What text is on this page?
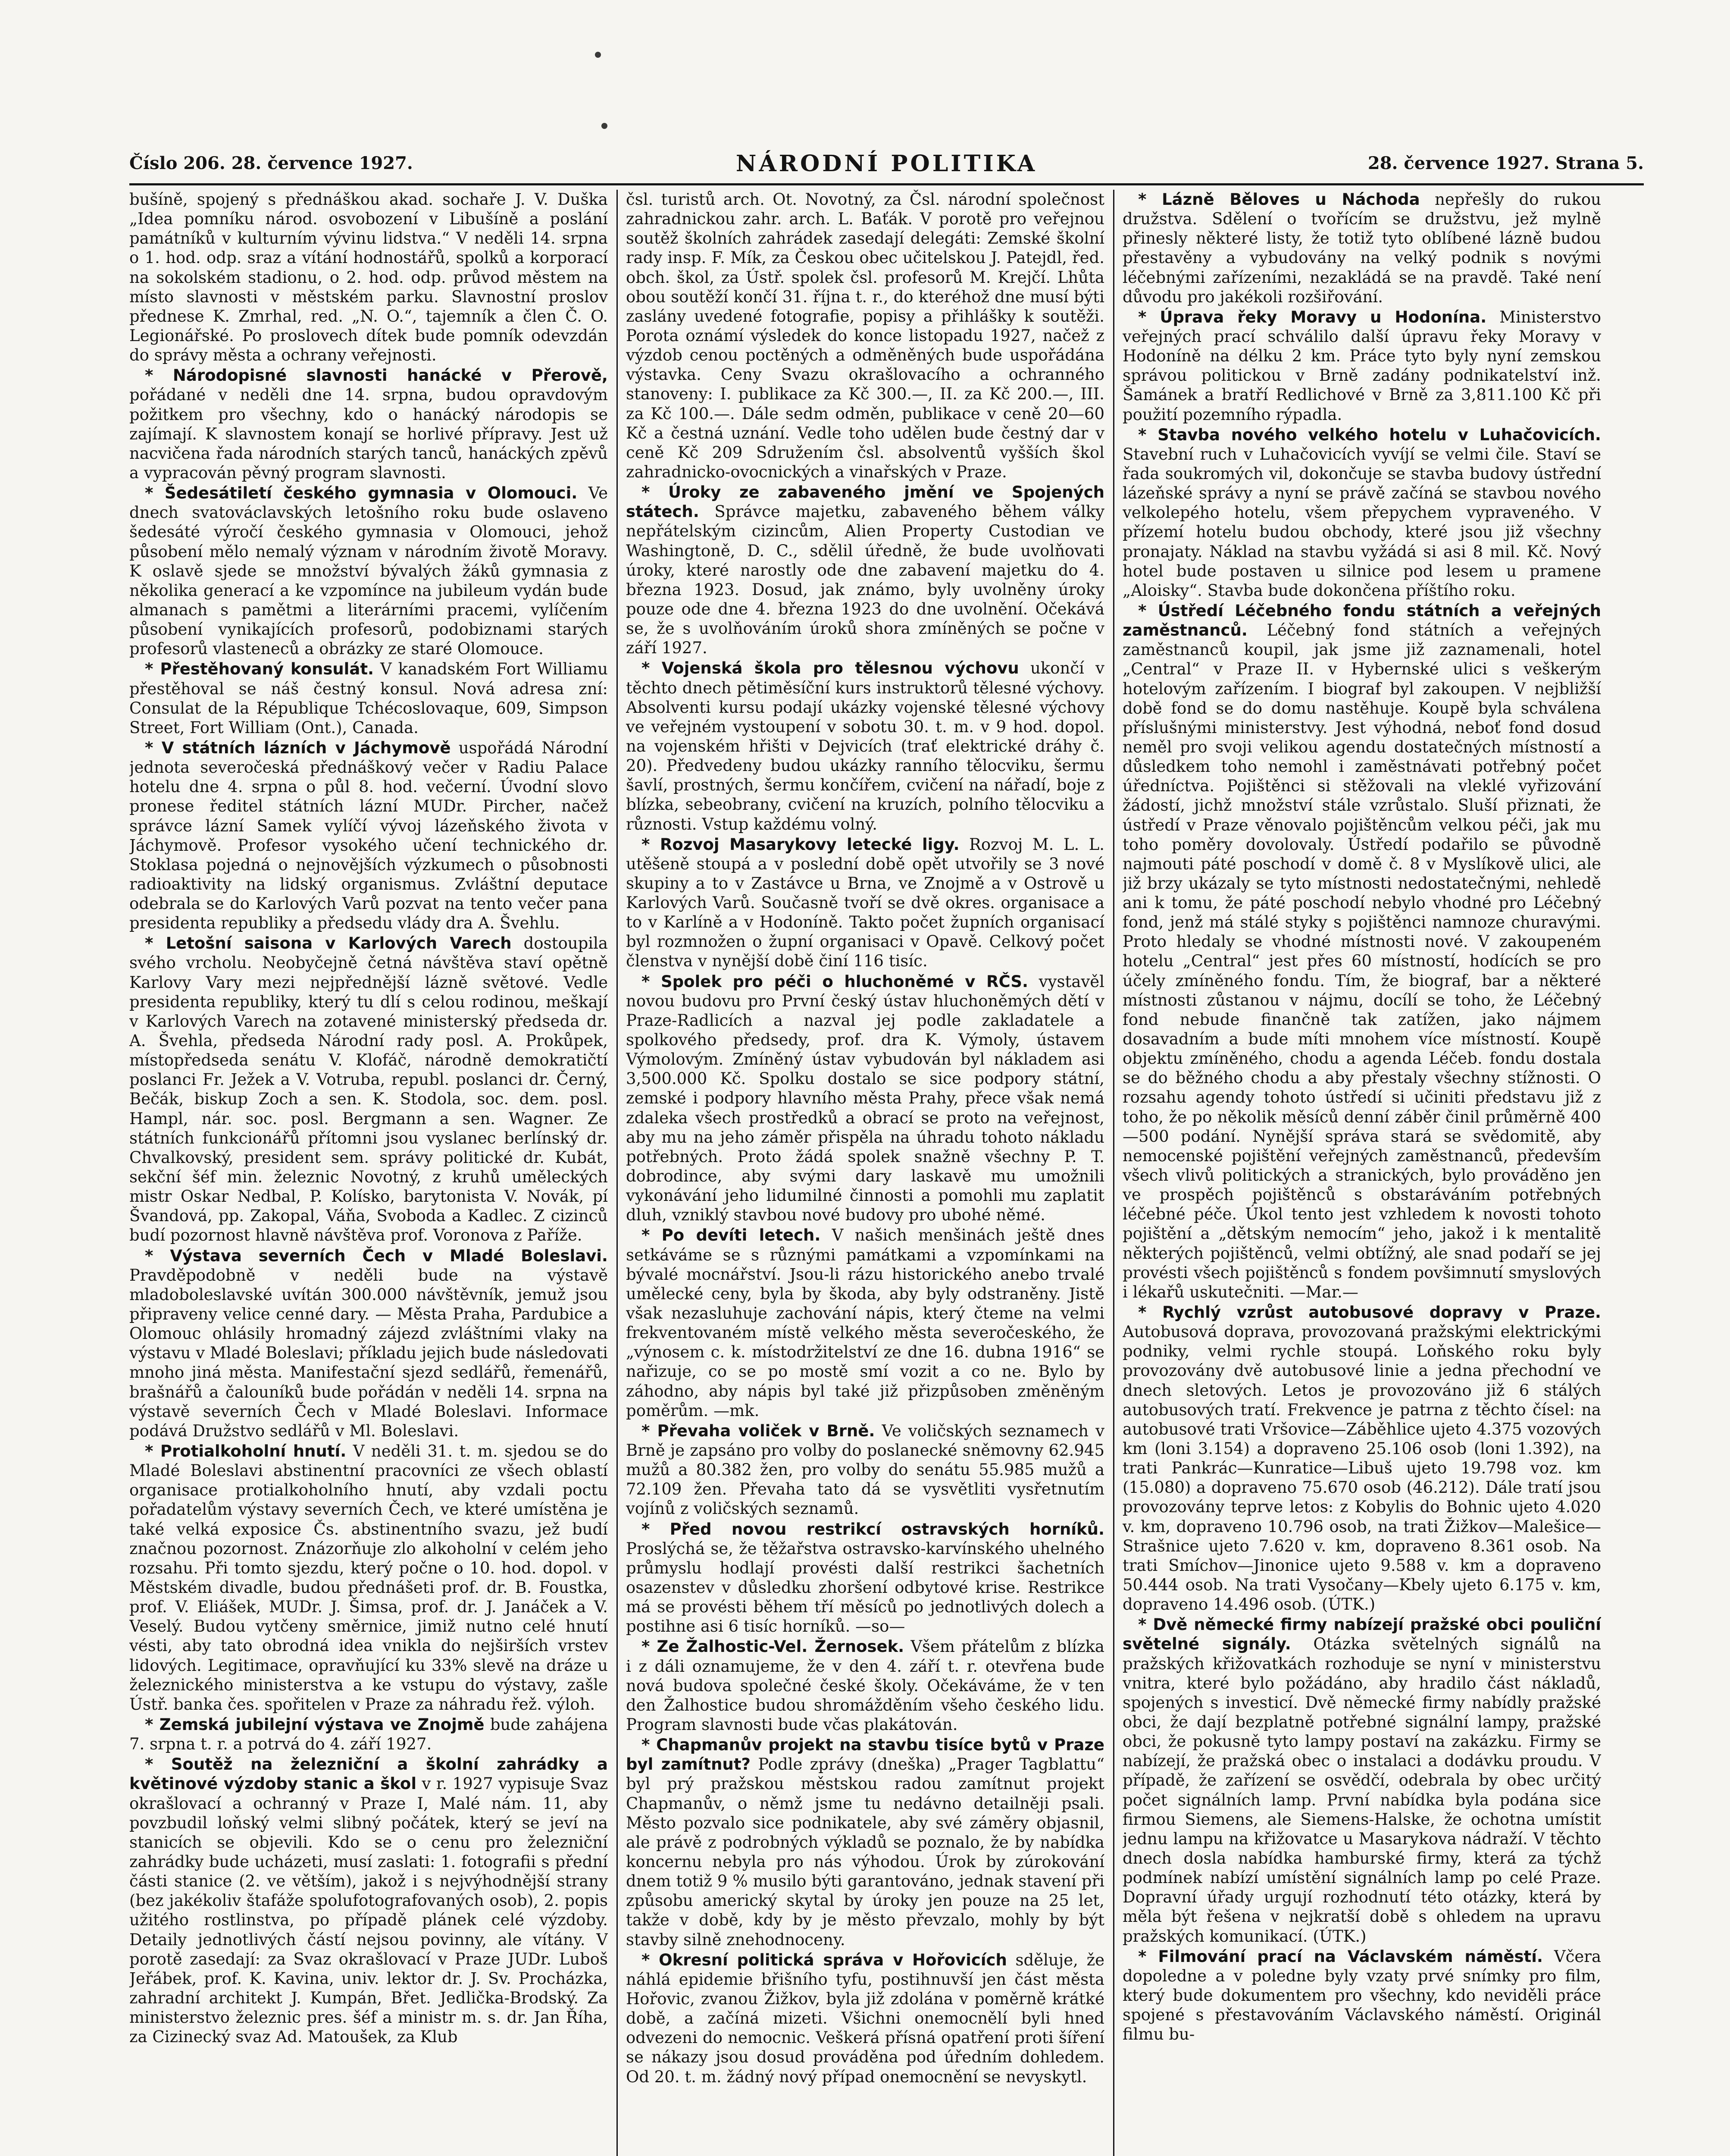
Číslo 206. 28. července 1927.	NÁRODNÍ POLITIKA	28. července 1927. Strana 5.

bušíně, spojený s přednáškou akad. sochaře J. V. Duška „Idea pomníku národ. osvobození v Libušíně a poslání památníků v kulturním vývinu lidstva.“ V neděli 14. srpna o 1. hod. odp. sraz a vítání hodnostářů, spolků a korporací na sokolském stadionu, o 2. hod. odp. průvod městem na místo slavnosti v městském parku. Slavnostní proslov přednese K. Zmrhal, red. „N. O.“, tajemník a člen Č. O. Legionářské. Po proslovech dítek bude pomník odevzdán do správy města a ochrany veřejnosti.

* Národopisné slavnosti hanácké v Přerově, pořádané v neděli dne 14. srpna, budou opravdovým požitkem pro všechny, kdo o hanácký národopis se zajímají. K slavnostem konají se horlivé přípravy. Jest už nacvičena řada národních starých tanců, hanáckých zpěvů a vypracován pěvný program slavnosti.

* Šedesátiletí českého gymnasia v Olomouci. Ve dnech svatováclavských letošního roku bude oslaveno šedesáté výročí českého gymnasia v Olomouci, jehož působení mělo nemalý význam v národním životě Moravy. K oslavě sjede se množství bývalých žáků gymnasia z několika generací a ke vzpomínce na jubileum vydán bude almanach s pamětmi a literárními pracemi, vylíčením působení vynikajících profesorů, podobiznami starých profesorů vlasteneců a obrázky ze staré Olomouce.

* Přestěhovaný konsulát. V kanadském Fort Williamu přestěhoval se náš čestný konsul. Nová adresa zní: Consulat de la République Tchécoslovaque, 609, Simpson Street, Fort William (Ont.), Canada.

* V státních lázních v Jáchymově uspořádá Národní jednota severočeská přednáškový večer v Radiu Palace hotelu dne 4. srpna o půl 8. hod. večerní. Úvodní slovo pronese ředitel státních lázní MUDr. Pircher, načež správce lázní Samek vylíčí vývoj lázeňského života v Jáchymově. Profesor vysokého učení technického dr. Stoklasa pojedná o nejnovějších výzkumech o působnosti radioaktivity na lidský organismus. Zvláštní deputace odebrala se do Karlových Varů pozvat na tento večer pana presidenta republiky a předsedu vlády dra A. Švehlu.

* Letošní saisona v Karlových Varech dostoupila svého vrcholu. Neobyčejně četná návštěva staví opětně Karlovy Vary mezi nejpřednější lázně světové. Vedle presidenta republiky, který tu dlí s celou rodinou, meškají v Karlových Varech na zotavené ministerský předseda dr. A. Švehla, předseda Národní rady posl. A. Prokůpek, místopředseda senátu V. Klofáč, národně demokratičtí poslanci Fr. Ježek a V. Votruba, republ. poslanci dr. Černý, Bečák, biskup Zoch a sen. K. Stodola, soc. dem. posl. Hampl, nár. soc. posl. Bergmann a sen. Wagner. Ze státních funkcionářů přítomni jsou vyslanec berlínský dr. Chvalkovský, president sem. správy politické dr. Kubát, sekční šéf min. železnic Novotný, z kruhů uměleckých mistr Oskar Nedbal, P. Kolísko, barytonista V. Novák, pí Švandová, pp. Zakopal, Váňa, Svoboda a Kadlec. Z cizinců budí pozornost hlavně návštěva prof. Voronova z Paříže.

* Výstava severních Čech v Mladé Boleslavi. Pravděpodobně v neděli bude na výstavě mladoboleslavské uvítán 300.000 návštěvník, jemuž jsou připraveny velice cenné dary. — Města Praha, Pardubice a Olomouc ohlásily hromadný zájezd zvláštními vlaky na výstavu v Mladé Boleslavi; příkladu jejich bude následovati mnoho jiná města. Manifestační sjezd sedlářů, řemenářů, brašnářů a čalouníků bude pořádán v neděli 14. srpna na výstavě severních Čech v Mladé Boleslavi. Informace podává Družstvo sedlářů v Ml. Boleslavi.

* Protialkoholní hnutí. V neděli 31. t. m. sjedou se do Mladé Boleslavi abstinentní pracovníci ze všech oblastí organisace protialkoholního hnutí, aby vzdali poctu pořadatelům výstavy severních Čech, ve které umístěna je také velká exposice Čs. abstinentního svazu, jež budí značnou pozornost. Znázorňuje zlo alkoholní v celém jeho rozsahu. Při tomto sjezdu, který počne o 10. hod. dopol. v Městském divadle, budou přednášeti prof. dr. B. Foustka, prof. V. Eliášek, MUDr. J. Šimsa, prof. dr. J. Janáček a V. Veselý. Budou vytčeny směrnice, jimiž nutno celé hnutí vésti, aby tato obrodná idea vnikla do nejširších vrstev lidových. Legitimace, opravňující ku 33% slevě na dráze u železnického ministerstva a ke vstupu do výstavy, zašle Ústř. banka čes. spořitelen v Praze za náhradu řež. výloh.

* Zemská jubilejní výstava ve Znojmě bude zahájena 7. srpna t. r. a potrvá do 4. září 1927.

* Soutěž na železniční a školní zahrádky a květinové výzdoby stanic a škol v r. 1927 vypisuje Svaz okrašlovací a ochranný v Praze I, Malé nám. 11, aby povzbudil loňský velmi slibný počátek, který se jeví na stanicích se objevili. Kdo se o cenu pro železniční zahrádky bude ucházeti, musí zaslati: 1. fotografii s přední části stanice (2. ve větším), jakož i s nejvýhodnější strany (bez jakékoliv štafáže spolufotografovaných osob), 2. popis užitého rostlinstva, po případě plánek celé výzdoby. Detaily jednotlivých částí nejsou povinny, ale vítány. V porotě zasedají: za Svaz okrašlovací v Praze JUDr. Luboš Jeřábek, prof. K. Kavina, univ. lektor dr. J. Sv. Procházka, zahradní architekt J. Kumpán, Břet. Jedlička-Brodský. Za ministerstvo železnic pres. šéf a ministr m. s. dr. Jan Říha, za Cizinecký svaz Ad. Matoušek, za Klub

čsl. turistů arch. Ot. Novotný, za Čsl. národní společnost zahradnickou zahr. arch. L. Baťák. V porotě pro veřejnou soutěž školních zahrádek zasedají delegáti: Zemské školní rady insp. F. Mík, za Českou obec učitelskou J. Patejdl, řed. obch. škol, za Ústř. spolek čsl. profesorů M. Krejčí. Lhůta obou soutěží končí 31. října t. r., do kteréhož dne musí býti zaslány uvedené fotografie, popisy a přihlášky k soutěži. Porota oznámí výsledek do konce listopadu 1927, načež z výzdob cenou poctěných a odměněných bude uspořádána výstavka. Ceny Svazu okrašlovacího a ochranného stanoveny: I. publikace za Kč 300.—, II. za Kč 200.—, III. za Kč 100.—. Dále sedm odměn, publikace v ceně 20—60 Kč a čestná uznání. Vedle toho udělen bude čestný dar v ceně Kč 209 Sdružením čsl. absolventů vyšších škol zahradnicko-ovocnických a vinařských v Praze.

* Úroky ze zabaveného jmění ve Spojených státech. Správce majetku, zabaveného během války nepřátelským cizincům, Alien Property Custodian ve Washingtoně, D. C., sdělil úředně, že bude uvolňovati úroky, které narostly ode dne zabavení majetku do 4. března 1923. Dosud, jak známo, byly uvolněny úroky pouze ode dne 4. března 1923 do dne uvolnění. Očekává se, že s uvolňováním úroků shora zmíněných se počne v září 1927.

* Vojenská škola pro tělesnou výchovu ukončí v těchto dnech pětiměsíční kurs instruktorů tělesné výchovy. Absolventi kursu podají ukázky vojenské tělesné výchovy ve veřejném vystoupení v sobotu 30. t. m. v 9 hod. dopol. na vojenském hřišti v Dejvicích (trať elektrické dráhy č. 20). Předvedeny budou ukázky ranního tělocviku, šermu šavlí, prostných, šermu končířem, cvičení na nářadí, boje z blízka, sebeobrany, cvičení na kruzích, polního tělocviku a různosti. Vstup každému volný.

* Rozvoj Masarykovy letecké ligy. Rozvoj M. L. L. utěšeně stoupá a v poslední době opět utvořily se 3 nové skupiny a to v Zastávce u Brna, ve Znojmě a v Ostrově u Karlových Varů. Současně tvoří se dvě okres. organisace a to v Karlíně a v Hodoníně. Takto počet župních organisací byl rozmnožen o župní organisaci v Opavě. Celkový počet členstva v nynější době činí 116 tisíc.

* Spolek pro péči o hluchoněmé v RČS. vystavěl novou budovu pro První český ústav hluchoněmých dětí v Praze-Radlicích a nazval jej podle zakladatele a spolkového předsedy, prof. dra K. Výmoly, ústavem Výmolovým. Zmíněný ústav vybudován byl nákladem asi 3,500.000 Kč. Spolku dostalo se sice podpory státní, zemské i podpory hlavního města Prahy, přece však nemá zdaleka všech prostředků a obrací se proto na veřejnost, aby mu na jeho záměr přispěla na úhradu tohoto nákladu potřebných. Proto žádá spolek snažně všechny P. T. dobrodince, aby svými dary laskavě mu umožnili vykonávání jeho lidumilné činnosti a pomohli mu zaplatit dluh, vzniklý stavbou nové budovy pro ubohé němé.

* Po devíti letech. V našich menšinách ještě dnes setkáváme se s různými památkami a vzpomínkami na bývalé mocnářství. Jsou-li rázu historického anebo trvalé umělecké ceny, byla by škoda, aby byly odstraněny. Jistě však nezasluhuje zachování nápis, který čteme na velmi frekventovaném místě velkého města severočeského, že „výnosem c. k. místodržitelství ze dne 16. dubna 1916“ se nařizuje, co se po mostě smí vozit a co ne. Bylo by záhodno, aby nápis byl také již přizpůsoben změněným poměrům. —mk.

* Převaha voliček v Brně. Ve voličských seznamech v Brně je zapsáno pro volby do poslanecké sněmovny 62.945 mužů a 80.382 žen, pro volby do senátu 55.985 mužů a 72.109 žen. Převaha tato dá se vysvětliti vysřetnutím vojínů z voličských seznamů.

* Před novou restrikcí ostravských horníků. Proslýchá se, že těžařstva ostravsko-karvínského uhelného průmyslu hodlají provésti další restrikci šachetních osazenstev v důsledku zhoršení odbytové krise. Restrikce má se provésti během tří měsíců po jednotlivých dolech a postihne asi 6 tisíc horníků. —so—

* Ze Žalhostic-Vel. Žernosek. Všem přátelům z blízka i z dáli oznamujeme, že v den 4. září t. r. otevřena bude nová budova společné české školy. Očekáváme, že v ten den Žalhostice budou shromážděním všeho českého lidu. Program slavnosti bude včas plakátován.

* Chapmanův projekt na stavbu tisíce bytů v Praze byl zamítnut? Podle zprávy (dneška) „Prager Tagblattu“ byl prý pražskou městskou radou zamítnut projekt Chapmanův, o němž jsme tu nedávno detailněji psali. Město pozvalo sice podnikatele, aby své záměry objasnil, ale právě z podrobných výkladů se poznalo, že by nabídka koncernu nebyla pro nás výhodou. Úrok by zúrokování dnem totiž 9 % musilo býti garantováno, jednak stavení při způsobu americký skytal by úroky jen pouze na 25 let, takže v době, kdy by je město převzalo, mohly by být stavby silně znehodnoceny.

* Okresní politická správa v Hořovicích sděluje, že náhlá epidemie břišního tyfu, postihnuvší jen část města Hořovic, zvanou Žižkov, byla již zdolána v poměrně krátké době, a začíná mizeti. Všichni onemocnělí byli hned odvezeni do nemocnic. Veškerá přísná opatření proti šíření se nákazy jsou dosud prováděna pod úředním dohledem. Od 20. t. m. žádný nový případ onemocnění se nevyskytl.

* Lázně Běloves u Náchoda nepřešly do rukou družstva. Sdělení o tvořícím se družstvu, jež mylně přinesly některé listy, že totiž tyto oblíbené lázně budou přestavěny a vybudovány na velký podnik s novými léčebnými zařízeními, nezakládá se na pravdě. Také není důvodu pro jakékoli rozšiřování.

* Úprava řeky Moravy u Hodonína. Ministerstvo veřejných prací schválilo další úpravu řeky Moravy v Hodoníně na délku 2 km. Práce tyto byly nyní zemskou správou politickou v Brně zadány podnikatelství inž. Šamánek a bratří Redlichové v Brně za 3,811.100 Kč při použití pozemního rýpadla.

* Stavba nového velkého hotelu v Luhačovicích. Stavební ruch v Luhačovicích vyvíjí se velmi čile. Staví se řada soukromých vil, dokončuje se stavba budovy ústřední lázeňské správy a nyní se právě začíná se stavbou nového velkolepého hotelu, všem přepychem vypraveného. V přízemí hotelu budou obchody, které jsou již všechny pronajaty. Náklad na stavbu vyžádá si asi 8 mil. Kč. Nový hotel bude postaven u silnice pod lesem u pramene „Aloisky“. Stavba bude dokončena příštího roku.

* Ústředí Léčebného fondu státních a veřejných zaměstnanců. Léčebný fond státních a veřejných zaměstnanců koupil, jak jsme již zaznamenali, hotel „Central“ v Praze II. v Hybernské ulici s veškerým hotelovým zařízením. I biograf byl zakoupen. V nejbližší době fond se do domu nastěhuje. Koupě byla schválena příslušnými ministerstvy. Jest výhodná, neboť fond dosud neměl pro svoji velikou agendu dostatečných místností a důsledkem toho nemohl i zaměstnávati potřebný počet úředníctva. Pojištěnci si stěžovali na vleklé vyřizování žádostí, jichž množství stále vzrůstalo. Sluší přiznati, že ústředí v Praze věnovalo pojištěncům velkou péči, jak mu toho poměry dovolovaly. Ústředí podařilo se původně najmouti páté poschodí v domě č. 8 v Myslíkově ulici, ale již brzy ukázaly se tyto místnosti nedostatečnými, nehledě ani k tomu, že páté poschodí nebylo vhodné pro Léčebný fond, jenž má stálé styky s pojištěnci namnoze churavými. Proto hledaly se vhodné místnosti nové. V zakoupeném hotelu „Central“ jest přes 60 místností, hodících se pro účely zmíněného fondu. Tím, že biograf, bar a některé místnosti zůstanou v nájmu, docílí se toho, že Léčebný fond nebude finančně tak zatížen, jako nájmem dosavadním a bude míti mnohem více místností. Koupě objektu zmíněného, chodu a agenda Léčeb. fondu dostala se do běžného chodu a aby přestaly všechny stížnosti. O rozsahu agendy tohoto ústředí si učiniti představu již z toho, že po několik měsíců denní záběr činil průměrně 400—500 podání. Nynější správa stará se svědomitě, aby nemocenské pojištění veřejných zaměstnanců, především všech vlivů politických a stranických, bylo prováděno jen ve prospěch pojištěnců s obstaráváním potřebných léčebné péče. Úkol tento jest vzhledem k novosti tohoto pojištění a „dětským nemocím“ jeho, jakož i k mentalitě některých pojištěnců, velmi obtížný, ale snad podaří se jej provésti všech pojištěnců s fondem povšimnutí smyslových i lékařů uskutečniti. —Mar.—

* Rychlý vzrůst autobusové dopravy v Praze. Autobusová doprava, provozovaná pražskými elektrickými podniky, velmi rychle stoupá. Loňského roku byly provozovány dvě autobusové linie a jedna přechodní ve dnech sletových. Letos je provozováno již 6 stálých autobusových tratí. Frekvence je patrna z těchto čísel: na autobusové trati Vršovice—Záběhlice ujeto 4.375 vozových km (loni 3.154) a dopraveno 25.106 osob (loni 1.392), na trati Pankrác—Kunratice—Libuš ujeto 19.798 voz. km (15.080) a dopraveno 75.670 osob (46.212). Dále tratí jsou provozovány teprve letos: z Kobylis do Bohnic ujeto 4.020 v. km, dopraveno 10.796 osob, na trati Žižkov—Malešice—Strašnice ujeto 7.620 v. km, dopraveno 8.361 osob. Na trati Smíchov—Jinonice ujeto 9.588 v. km a dopraveno 50.444 osob. Na trati Vysočany—Kbely ujeto 6.175 v. km, dopraveno 14.496 osob. (ÚTK.)

* Dvě německé firmy nabízejí pražské obci pouliční světelné signály. Otázka světelných signálů na pražských křižovatkách rozhoduje se nyní v ministerstvu vnitra, které bylo požádáno, aby hradilo část nákladů, spojených s investicí. Dvě německé firmy nabídly pražské obci, že dají bezplatně potřebné signální lampy, pražské obci, že pokusně tyto lampy postaví na zakázku. Firmy se nabízejí, že pražská obec o instalaci a dodávku proudu. V případě, že zařízení se osvědčí, odebrala by obec určitý počet signálních lamp. První nabídka byla podána sice firmou Siemens, ale Siemens-Halske, že ochotna umístit jednu lampu na křižovatce u Masarykova nádraží. V těchto dnech dosla nabídka hamburské firmy, která za týchž podmínek nabízí umístění signálních lamp po celé Praze. Dopravní úřady urgují rozhodnutí této otázky, která by měla být řešena v nejkratší době s ohledem na upravu pražských komunikací. (ÚTK.)

* Filmování prací na Václavském náměstí. Včera dopoledne a v poledne byly vzaty prvé snímky pro film, který bude dokumentem pro všechny, kdo neviděli práce spojené s přestavováním Václavského náměstí. Originál filmu bu-
